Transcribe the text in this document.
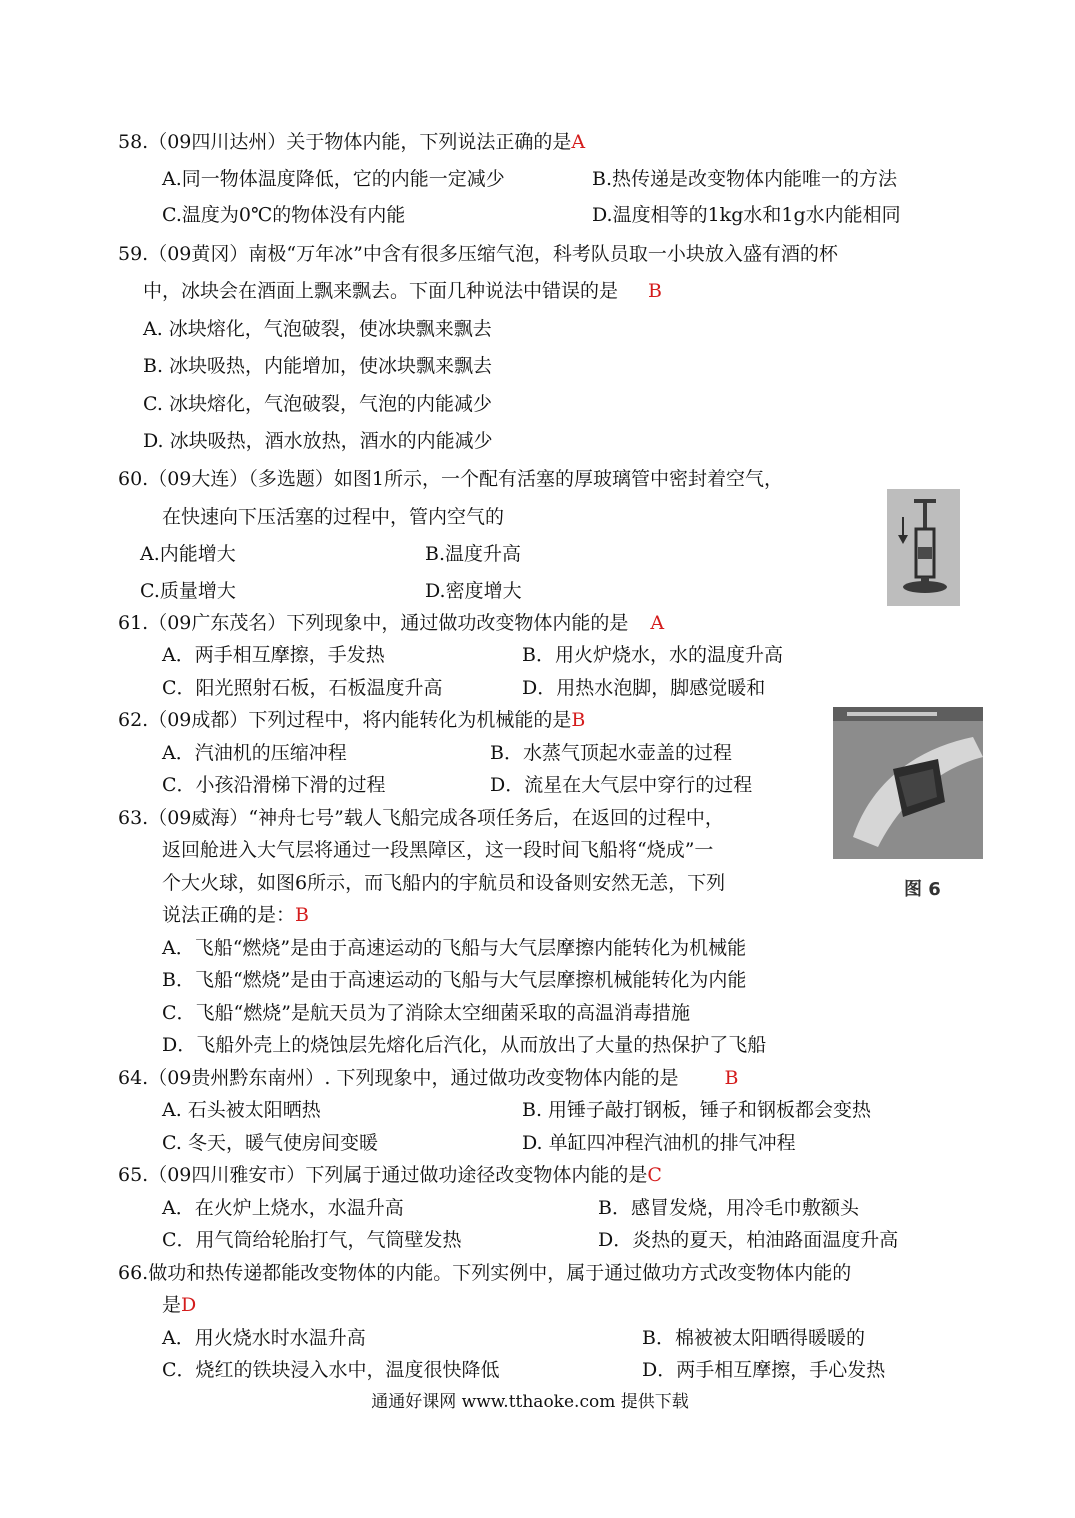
58.（09四川达州）关于物体内能，下列说法正确的是A
A.同一物体温度降低，它的内能一定减少	B.热传递是改变物体内能唯一的方法
C.温度为0℃的物体没有内能	D.温度相等的1kg水和1g水内能相同
59.（09黄冈）南极“万年冰”中含有很多压缩气泡，科考队员取一小块放入盛有酒的杯
中，冰块会在酒面上飘来飘去。下面几种说法中错误的是 B
A. 冰块熔化，气泡破裂，使冰块飘来飘去
B. 冰块吸热，内能增加，使冰块飘来飘去
C. 冰块熔化，气泡破裂，气泡的内能减少
D. 冰块吸热，酒水放热，酒水的内能减少
60.（09大连）（多选题）如图1所示，一个配有活塞的厚玻璃管中密封着空气，
在快速向下压活塞的过程中，管内空气的
A.内能增大	B.温度升高
C.质量增大	D.密度增大
61.（09广东茂名）下列现象中，通过做功改变物体内能的是 A
A．两手相互摩擦，手发热	B．用火炉烧水，水的温度升高
C．阳光照射石板，石板温度升高	D．用热水泡脚，脚感觉暖和
62.（09成都）下列过程中，将内能转化为机械能的是B
A．汽油机的压缩冲程	B．水蒸气顶起水壶盖的过程
C．小孩沿滑梯下滑的过程	D．流星在大气层中穿行的过程
图 6
63.（09威海）“神舟七号”载人飞船完成各项任务后，在返回的过程中，
返回舱进入大气层将通过一段黑障区，这一段时间飞船将“烧成”一
个大火球，如图6所示，而飞船内的宇航员和设备则安然无恙，下列
说法正确的是：B
A．飞船“燃烧”是由于高速运动的飞船与大气层摩擦内能转化为机械能
B．飞船“燃烧”是由于高速运动的飞船与大气层摩擦机械能转化为内能
C．飞船“燃烧”是航天员为了消除太空细菌采取的高温消毒措施
D．飞船外壳上的烧蚀层先熔化后汽化，从而放出了大量的热保护了飞船
64.（09贵州黔东南州）. 下列现象中，通过做功改变物体内能的是 B
A. 石头被太阳晒热	B. 用锤子敲打钢板，锤子和钢板都会变热
C. 冬天，暖气使房间变暖	D. 单缸四冲程汽油机的排气冲程
65.（09四川雅安市）下列属于通过做功途径改变物体内能的是C
A．在火炉上烧水，水温升高	B．感冒发烧，用冷毛巾敷额头
C．用气筒给轮胎打气，气筒壁发热	D．炎热的夏天，柏油路面温度升高
66.做功和热传递都能改变物体的内能。下列实例中，属于通过做功方式改变物体内能的
是D
A．用火烧水时水温升高	B．棉被被太阳晒得暖暖的
C．烧红的铁块浸入水中，温度很快降低	D．两手相互摩擦，手心发热
通通好课网 www.tthaoke.com 提供下载
